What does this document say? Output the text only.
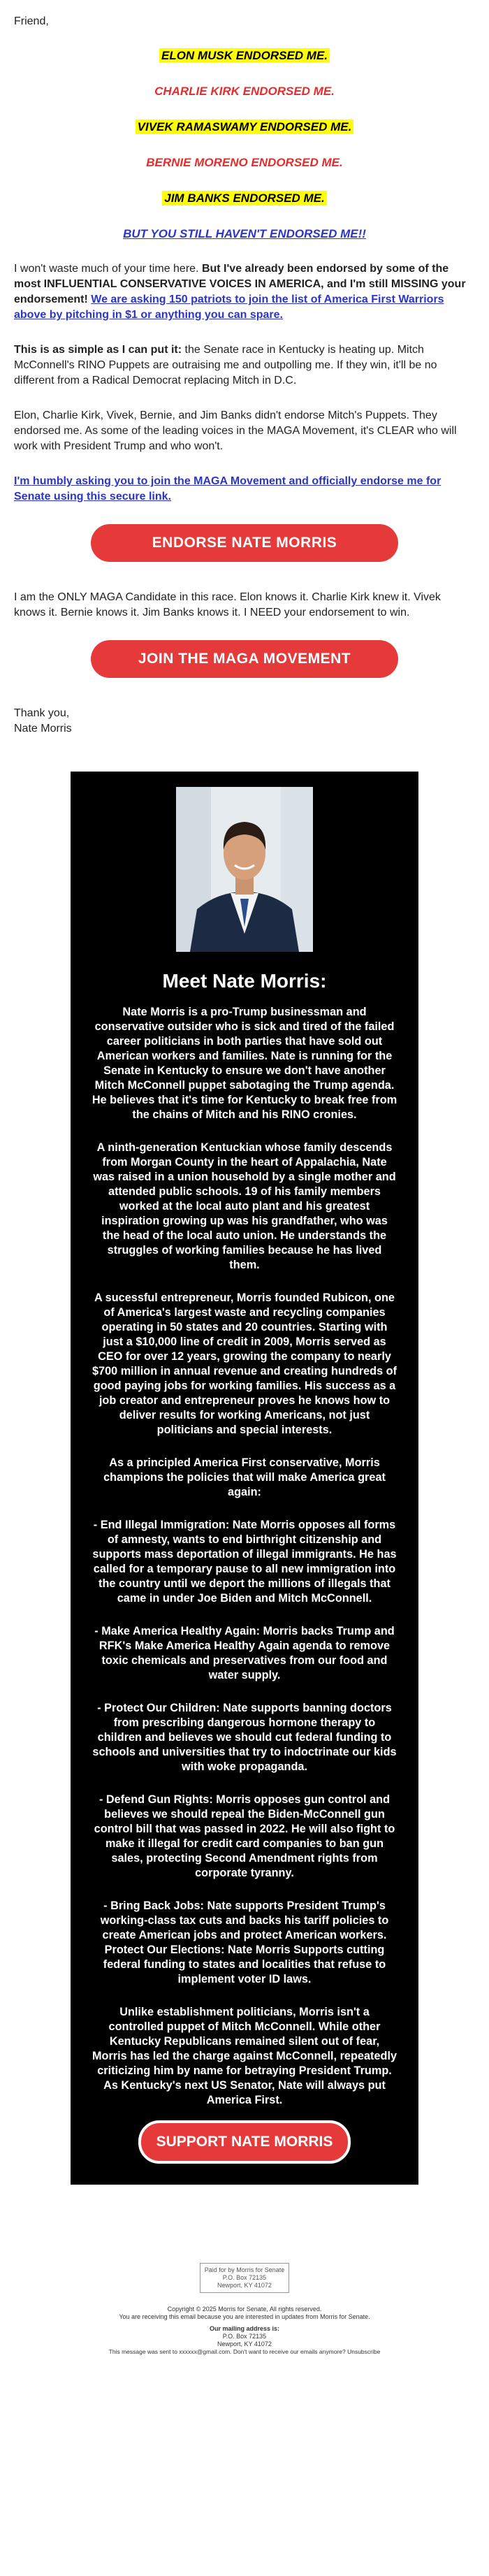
Friend,

ELON MUSK ENDORSED ME.

CHARLIE KIRK ENDORSED ME.

VIVEK RAMASWAMY ENDORSED ME.

BERNIE MORENO ENDORSED ME.

JIM BANKS ENDORSED ME.

BUT YOU STILL HAVEN'T ENDORSED ME!!

I won't waste much of your time here. But I've already been endorsed by some of the most INFLUENTIAL CONSERVATIVE VOICES IN AMERICA, and I'm still MISSING your endorsement! We are asking 150 patriots to join the list of America First Warriors above by pitching in $1 or anything you can spare.

This is as simple as I can put it: the Senate race in Kentucky is heating up. Mitch McConnell's RINO Puppets are outraising me and outpolling me. If they win, it'll be no different from a Radical Democrat replacing Mitch in D.C.

Elon, Charlie Kirk, Vivek, Bernie, and Jim Banks didn't endorse Mitch's Puppets. They endorsed me. As some of the leading voices in the MAGA Movement, it's CLEAR who will work with President Trump and who won't.

I'm humbly asking you to join the MAGA Movement and officially endorse me for Senate using this secure link.

ENDORSE NATE MORRIS

I am the ONLY MAGA Candidate in this race. Elon knows it. Charlie Kirk knew it. Vivek knows it. Bernie knows it. Jim Banks knows it. I NEED your endorsement to win.

JOIN THE MAGA MOVEMENT

Thank you,
Nate Morris

Meet Nate Morris:

Nate Morris is a pro-Trump businessman and conservative outsider who is sick and tired of the failed career politicians in both parties that have sold out American workers and families. Nate is running for the Senate in Kentucky to ensure we don't have another Mitch McConnell puppet sabotaging the Trump agenda. He believes that it's time for Kentucky to break free from the chains of Mitch and his RINO cronies.

A ninth-generation Kentuckian whose family descends from Morgan County in the heart of Appalachia, Nate was raised in a union household by a single mother and attended public schools. 19 of his family members worked at the local auto plant and his greatest inspiration growing up was his grandfather, who was the head of the local auto union. He understands the struggles of working families because he has lived them.

A sucessful entrepreneur, Morris founded Rubicon, one of America's largest waste and recycling companies operating in 50 states and 20 countries. Starting with just a $10,000 line of credit in 2009, Morris served as CEO for over 12 years, growing the company to nearly $700 million in annual revenue and creating hundreds of good paying jobs for working families. His success as a job creator and entrepreneur proves he knows how to deliver results for working Americans, not just politicians and special interests.

As a principled America First conservative, Morris champions the policies that will make America great again:

- End Illegal Immigration: Nate Morris opposes all forms of amnesty, wants to end birthright citizenship and supports mass deportation of illegal immigrants. He has called for a temporary pause to all new immigration into the country until we deport the millions of illegals that came in under Joe Biden and Mitch McConnell.

- Make America Healthy Again: Morris backs Trump and RFK's Make America Healthy Again agenda to remove toxic chemicals and preservatives from our food and water supply.

- Protect Our Children: Nate supports banning doctors from prescribing dangerous hormone therapy to children and believes we should cut federal funding to schools and universities that try to indoctrinate our kids with woke propaganda.

- Defend Gun Rights: Morris opposes gun control and believes we should repeal the Biden-McConnell gun control bill that was passed in 2022. He will also fight to make it illegal for credit card companies to ban gun sales, protecting Second Amendment rights from corporate tyranny.

- Bring Back Jobs: Nate supports President Trump's working-class tax cuts and backs his tariff policies to create American jobs and protect American workers. Protect Our Elections: Nate Morris Supports cutting federal funding to states and localities that refuse to implement voter ID laws.

Unlike establishment politicians, Morris isn't a controlled puppet of Mitch McConnell. While other Kentucky Republicans remained silent out of fear, Morris has led the charge against McConnell, repeatedly criticizing him by name for betraying President Trump. As Kentucky's next US Senator, Nate will always put America First.

SUPPORT NATE MORRIS
Paid for by Morris for Senate
P.O. Box 72135
Newport, KY 41072

Copyright © 2025 Morris for Senate, All rights reserved.

You are receiving this email because you are interested in updates from Morris for Senate.

Our mailing address is:

P.O. Box 72135

Newport, KY 41072

This message was sent to xxxxxx@gmail.com. Don't want to receive our emails anymore? Unsubscribe
